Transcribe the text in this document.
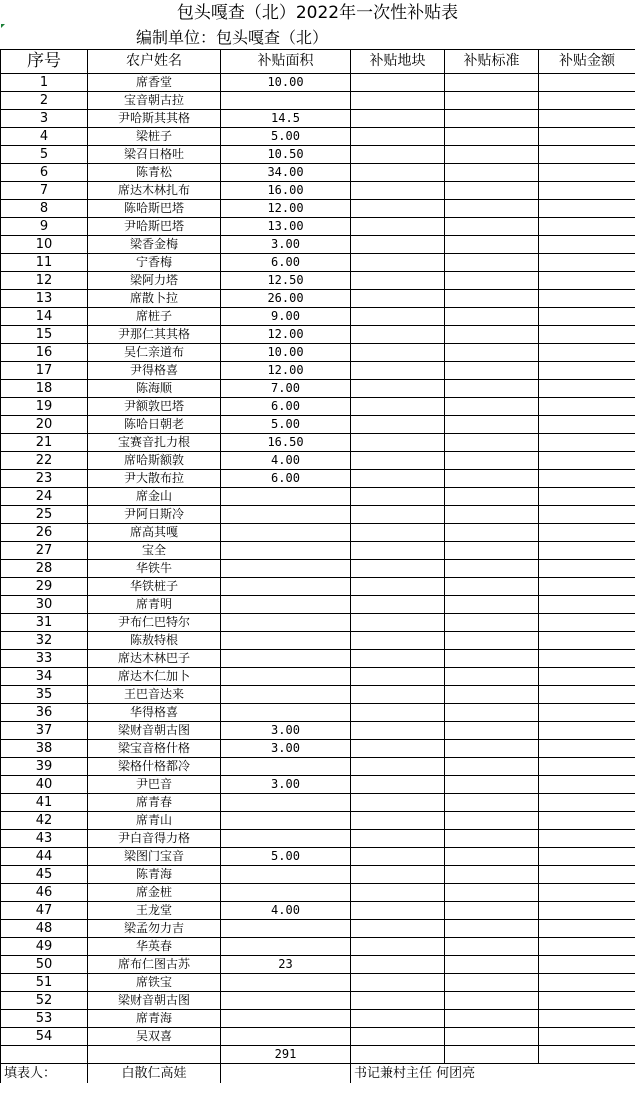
包头嘎查（北）2022年一次性补贴表
编制单位：包头嘎查（北）
序号	农户姓名	补贴面积	补贴地块	补贴标准	补贴金额
1	席香堂	10.00			
2	宝音朝古拉				
3	尹哈斯其其格	14.5			
4	梁桩子	5.00			
5	梁召日格吐	10.50			
6	陈青松	34.00			
7	席达木林扎布	16.00			
8	陈哈斯巴塔	12.00			
9	尹哈斯巴塔	13.00			
10	梁香金梅	3.00			
11	宁香梅	6.00			
12	梁阿力塔	12.50			
13	席散卜拉	26.00			
14	席桩子	9.00			
15	尹那仁其其格	12.00			
16	吴仁亲道布	10.00			
17	尹得格喜	12.00			
18	陈海顺	7.00			
19	尹额敦巴塔	6.00			
20	陈哈日朝老	5.00			
21	宝赛音扎力根	16.50			
22	席哈斯额敦	4.00			
23	尹大散布拉	6.00			
24	席金山				
25	尹阿日斯冷				
26	席高其嘎				
27	宝全				
28	华铁牛				
29	华铁桩子				
30	席青明				
31	尹布仁巴特尔				
32	陈敖特根				
33	席达木林巴子				
34	席达木仁加卜				
35	王巴音达来				
36	华得格喜				
37	梁财音朝古图	3.00			
38	梁宝音格什格	3.00			
39	梁格什格都冷				
40	尹巴音	3.00			
41	席青春				
42	席青山				
43	尹白音得力格				
44	梁图门宝音	5.00			
45	陈青海				
46	席金桩				
47	王龙堂	4.00			
48	梁孟勿力吉				
49	华英春				
50	席布仁图古苏	23			
51	席铁宝				
52	梁财音朝古图				
53	席青海				
54	吴双喜				
		291			
填表人：	白散仁高娃		书记兼村主任 何团亮		
